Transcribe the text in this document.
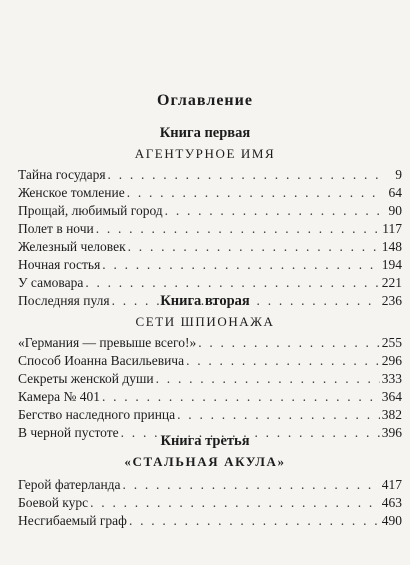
Оглавление
Книга первая
АГЕНТУРНОЕ ИМЯ
Тайна государя . . .	9
Женское томление . . .	64
Прощай, любимый город . . .	90
Полет в ночи . . .	117
Железный человек . . .	148
Ночная гостья . . .	194
У самовара . . .	221
Последняя пуля . . .	236
Книга вторая
СЕТИ ШПИОНАЖА
«Германия — превыше всего!» . . .	255
Способ Иоанна Васильевича . . .	296
Секреты женской души . . .	333
Камера № 401 . . .	364
Бегство наследного принца . . .	382
В черной пустоте . . .	396
Книга третья
«СТАЛЬНАЯ АКУЛА»
Герой фатерланда . . .	417
Боевой курс . . .	463
Несгибаемый граф . . .	490
